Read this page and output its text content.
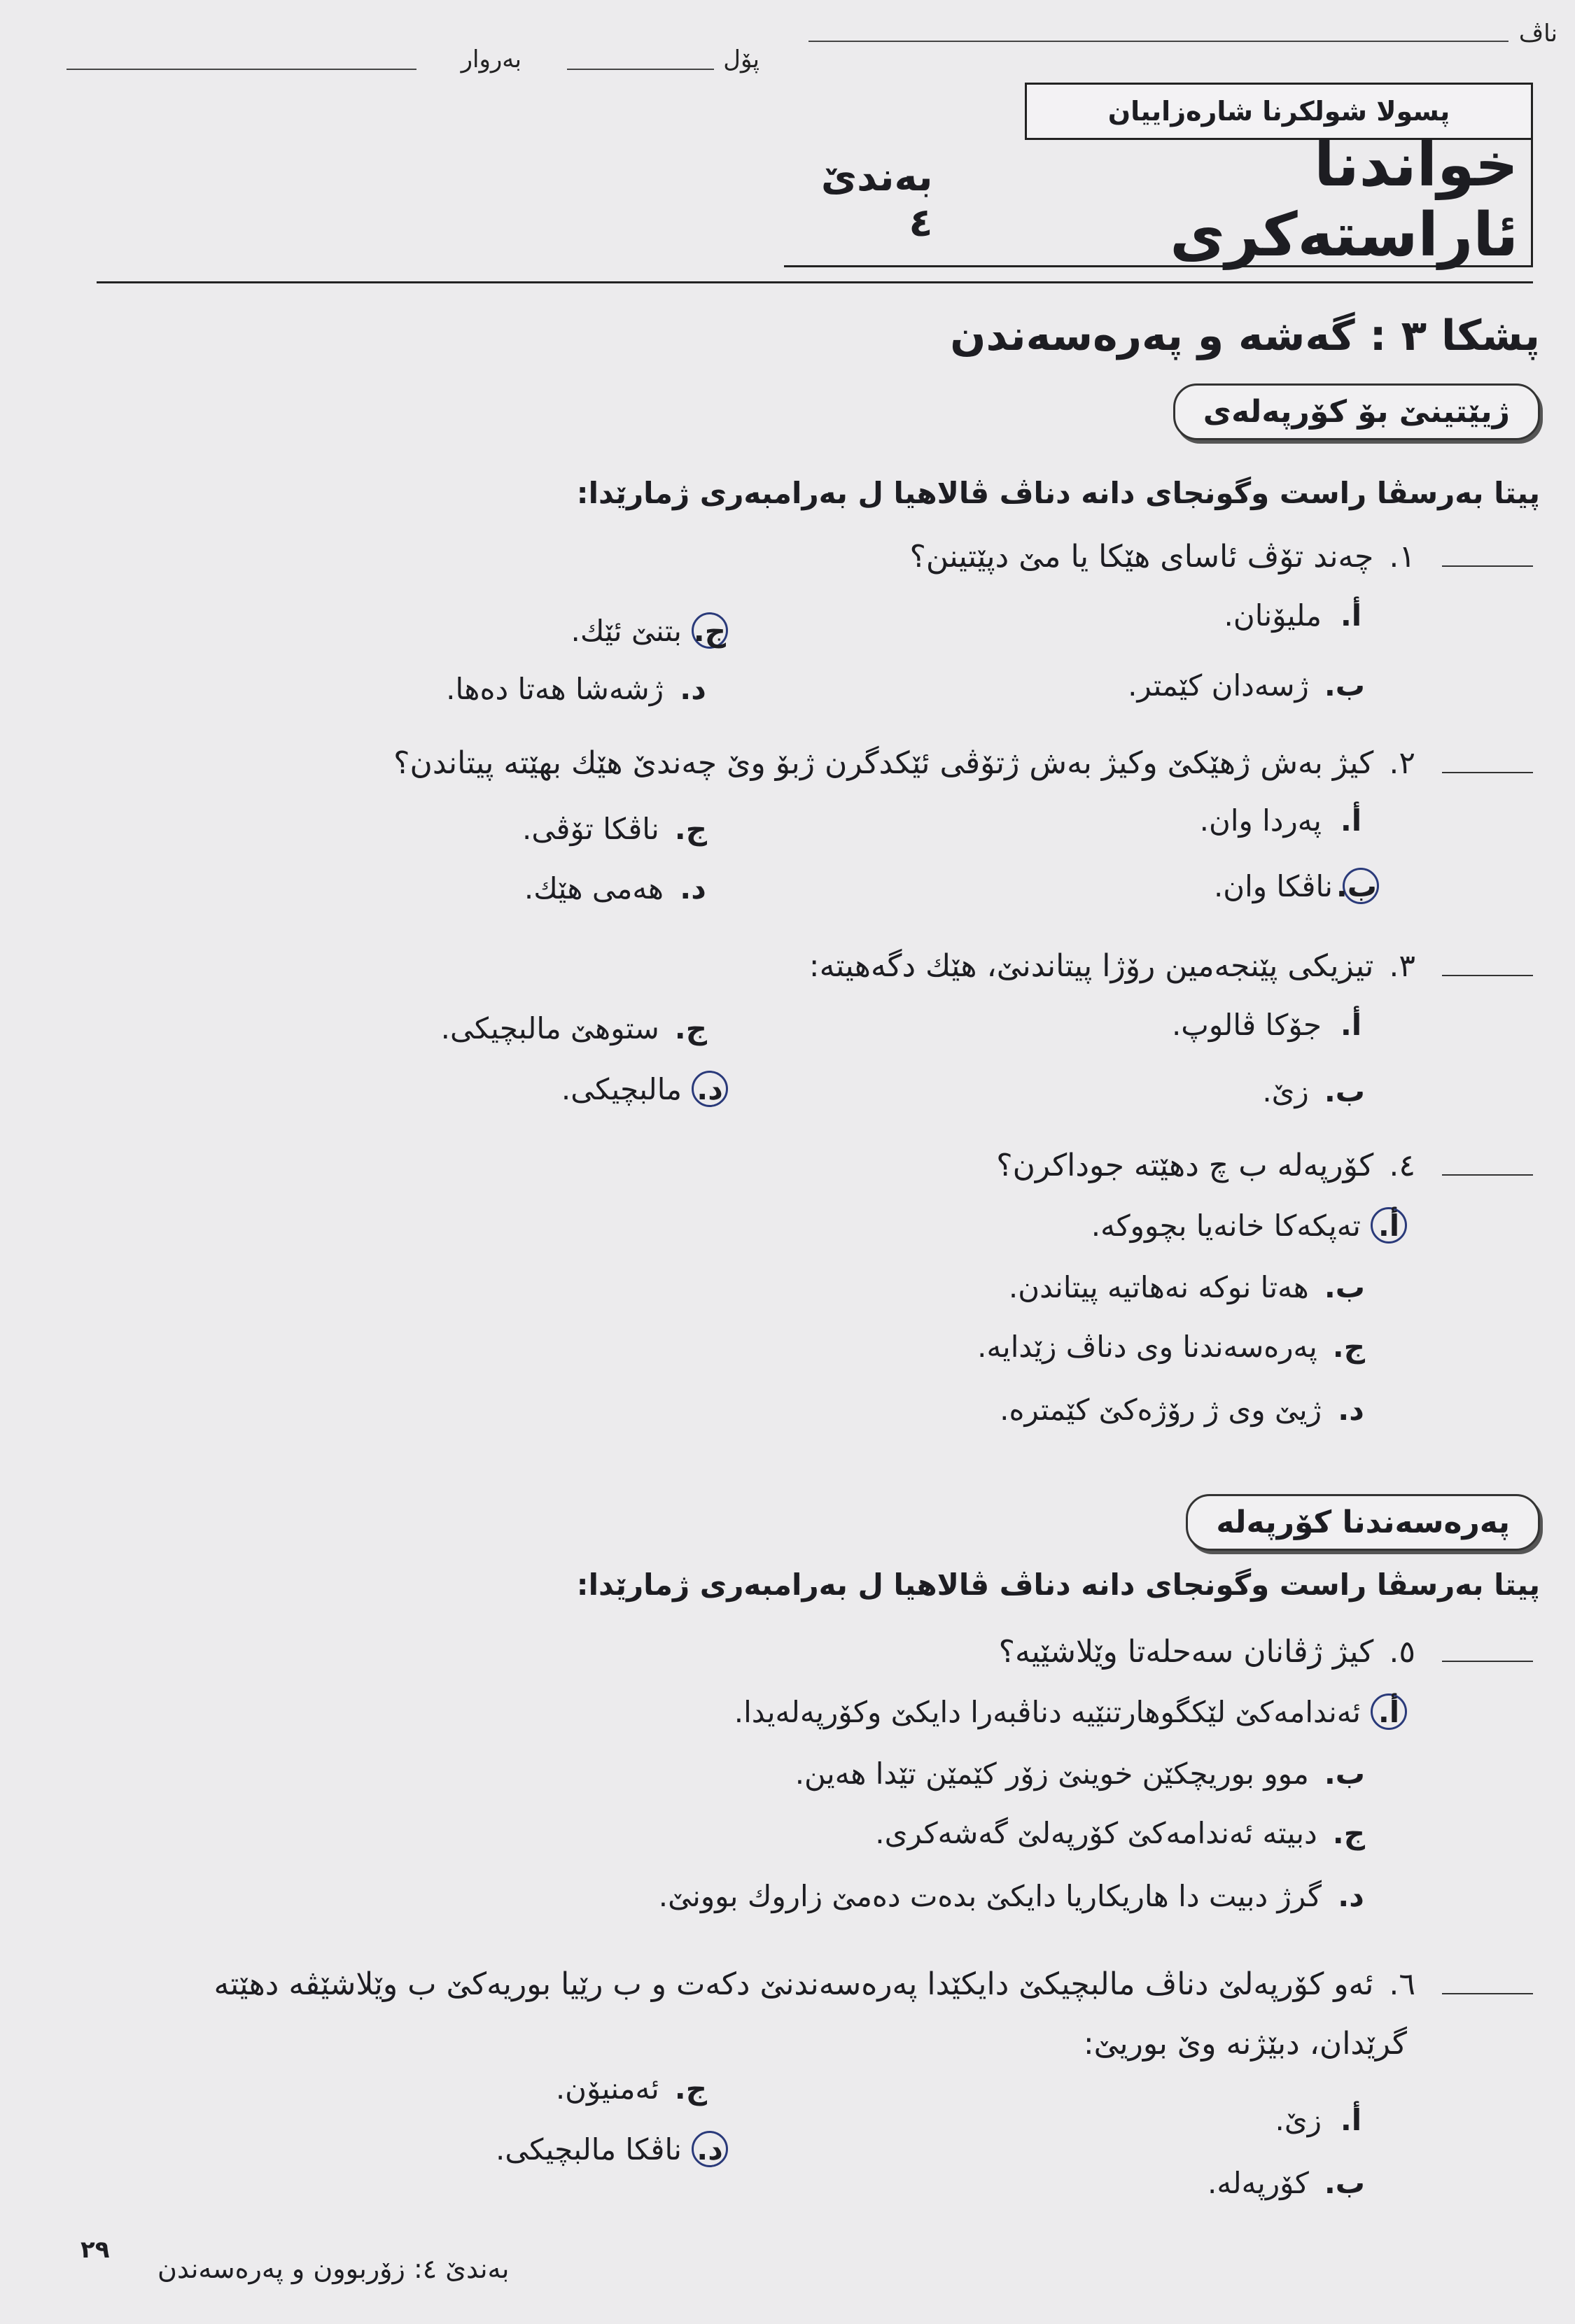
ناڤ
پۆل
بەروار
پسولا شولكرنا شارەزاییان
خواندنا ئاراستەكری
بەندێ ٤
پشكا ٣ : گەشە و پەرەسەندن
ژیێتینێ بۆ كۆرپەلەی
پیتا بەرسڤا راست وگونجای دانە دناڤ ڤالاهیا ل بەرامبەری ژمارێدا:
١.
چەند تۆڤ ئاسای هێكا یا مێ دپێتینن؟
أ.
ملیۆنان.
ج.
بتنێ ئێك.
ب.
ژسەدان كێمتر.
د.
ژشەشا هەتا دەها.
٢.
كیژ بەش ژهێكێ وكیژ بەش ژتۆڤی ئێكدگرن ژبۆ وێ چەندێ هێك بهێتە پیتاندن؟
أ.
پەردا وان.
ج.
ناڤكا تۆڤی.
ب.
ناڤكا وان.
د.
هەمی هێك.
٣.
تیزیكی پێنجەمین رۆژا پیتاندنێ، هێك دگەهیتە:
أ.
جۆكا ڤالوپ.
ج.
ستوهێ مالبچیكی.
ب.
زێ.
د.
مالبچیكی.
٤.
كۆرپەلە ب چ دهێتە جوداكرن؟
أ.
تەپكەكا خانەیا بچووكە.
ب.
هەتا نوكە نەهاتیە پیتاندن.
ج.
پەرەسەندنا وی دناڤ زێدایە.
د.
ژیێ وی ژ رۆژەكێ كێمترە.
پەرەسەندنا كۆرپەلە
پیتا بەرسڤا راست وگونجای دانە دناڤ ڤالاهیا ل بەرامبەری ژمارێدا:
٥.
كیژ ژڤانان سەحلەتا وێلاشێیە؟
أ.
ئەندامەكێ لێكگوهارتنێیە دناڤبەرا دایكێ وكۆرپەلەیدا.
ب.
موو بوریچكێن خوینێ زۆر كێمێن تێدا هەین.
ج.
دبیتە ئەندامەكێ كۆرپەلێ گەشەكری.
د.
گرژ دبیت دا هاریكاریا دایكێ بدەت دەمێ زاروك بوونێ.
٦.
ئەو كۆرپەلێ دناڤ مالبچیكێ دایكێدا پەرەسەندنێ دكەت و ب رێیا بوریەكێ ب وێلاشێڤە دهێتە
گرێدان، دبێژنە وێ بوریێ:
ج.
ئەمنیۆن.
أ.
زێ.
د.
ناڤكا مالبچیكی.
ب.
كۆرپەلە.
٢٩
بەندێ ٤: زۆربوون و پەرەسەندن
